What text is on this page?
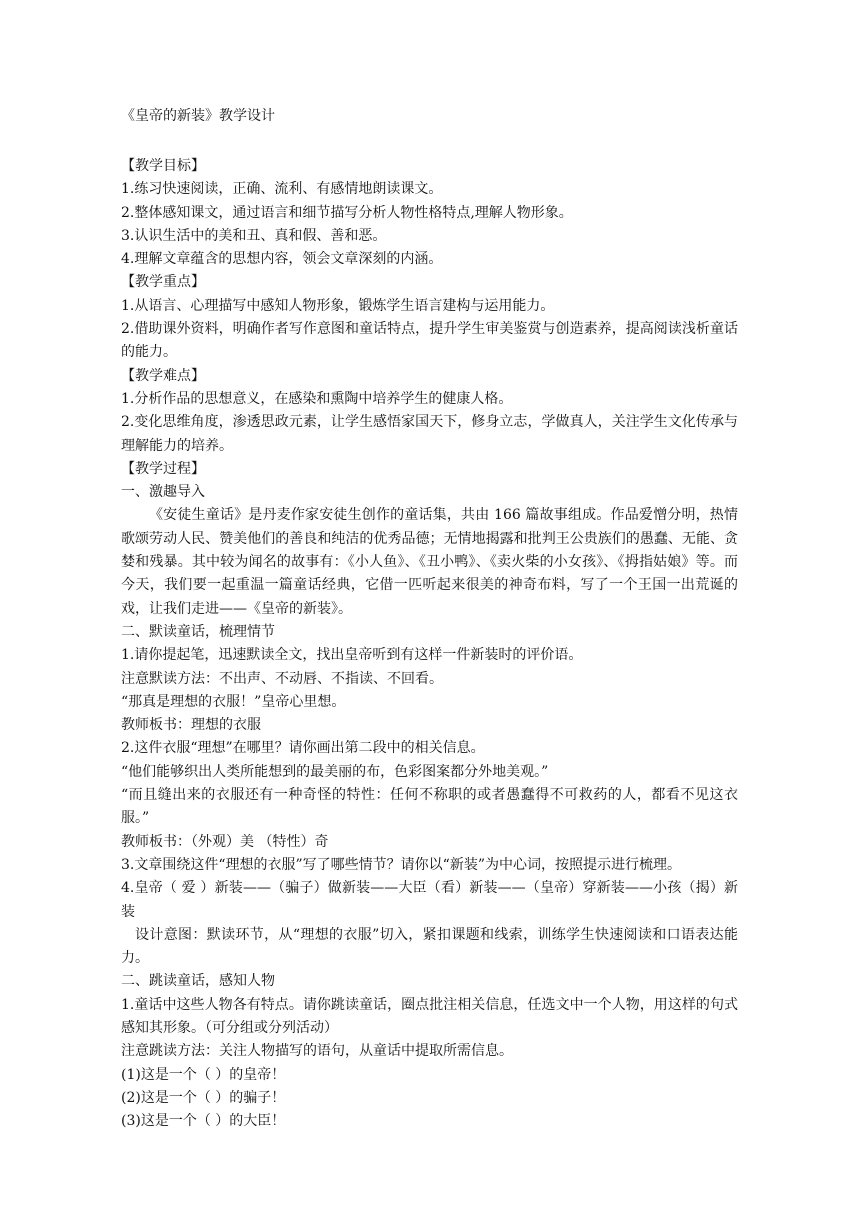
《皇帝的新装》教学设计

【教学目标】

1.练习快速阅读，正确、流利、有感情地朗读课文。

2.整体感知课文，通过语言和细节描写分析人物性格特点,理解人物形象。

3.认识生活中的美和丑、真和假、善和恶。

4.理解文章蕴含的思想内容，领会文章深刻的内涵。

【教学重点】

1.从语言、心理描写中感知人物形象，锻炼学生语言建构与运用能力。

2.借助课外资料，明确作者写作意图和童话特点，提升学生审美鉴赏与创造素养，提高阅读浅析童话的能力。

【教学难点】

1.分析作品的思想意义，在感染和熏陶中培养学生的健康人格。

2.变化思维角度，渗透思政元素，让学生感悟家国天下，修身立志，学做真人，关注学生文化传承与理解能力的培养。

【教学过程】

一、激趣导入

《安徒生童话》是丹麦作家安徒生创作的童话集，共由 166 篇故事组成。作品爱憎分明，热情歌颂劳动人民、赞美他们的善良和纯洁的优秀品德；无情地揭露和批判王公贵族们的愚蠢、无能、贪婪和残暴。其中较为闻名的故事有：《小人鱼》、《丑小鸭》、《卖火柴的小女孩》、《拇指姑娘》等。而今天，我们要一起重温一篇童话经典，它借一匹听起来很美的神奇布料，写了一个王国一出荒诞的戏，让我们走进——《皇帝的新装》。

二、默读童话，梳理情节

1.请你提起笔，迅速默读全文，找出皇帝听到有这样一件新装时的评价语。

注意默读方法：不出声、不动唇、不指读、不回看。

“那真是理想的衣服！”皇帝心里想。

教师板书：理想的衣服

2.这件衣服“理想”在哪里？请你画出第二段中的相关信息。

“他们能够织出人类所能想到的最美丽的布，色彩图案都分外地美观。”

“而且缝出来的衣服还有一种奇怪的特性：任何不称职的或者愚蠢得不可救药的人，都看不见这衣服。”

教师板书：（外观）美 （特性）奇

3.文章围绕这件“理想的衣服”写了哪些情节？请你以“新装”为中心词，按照提示进行梳理。

4.皇帝（ 爱 ）新装——（骗子）做新装——大臣（看）新装——（皇帝）穿新装——小孩（揭）新装

设计意图：默读环节，从“理想的衣服”切入，紧扣课题和线索，训练学生快速阅读和口语表达能力。

二、跳读童话，感知人物

1.童话中这些人物各有特点。请你跳读童话，圈点批注相关信息，任选文中一个人物，用这样的句式感知其形象。（可分组或分列活动）

注意跳读方法：关注人物描写的语句，从童话中提取所需信息。

(1)这是一个（ ）的皇帝！

(2)这是一个（ ）的骗子！

(3)这是一个（ ）的大臣！
